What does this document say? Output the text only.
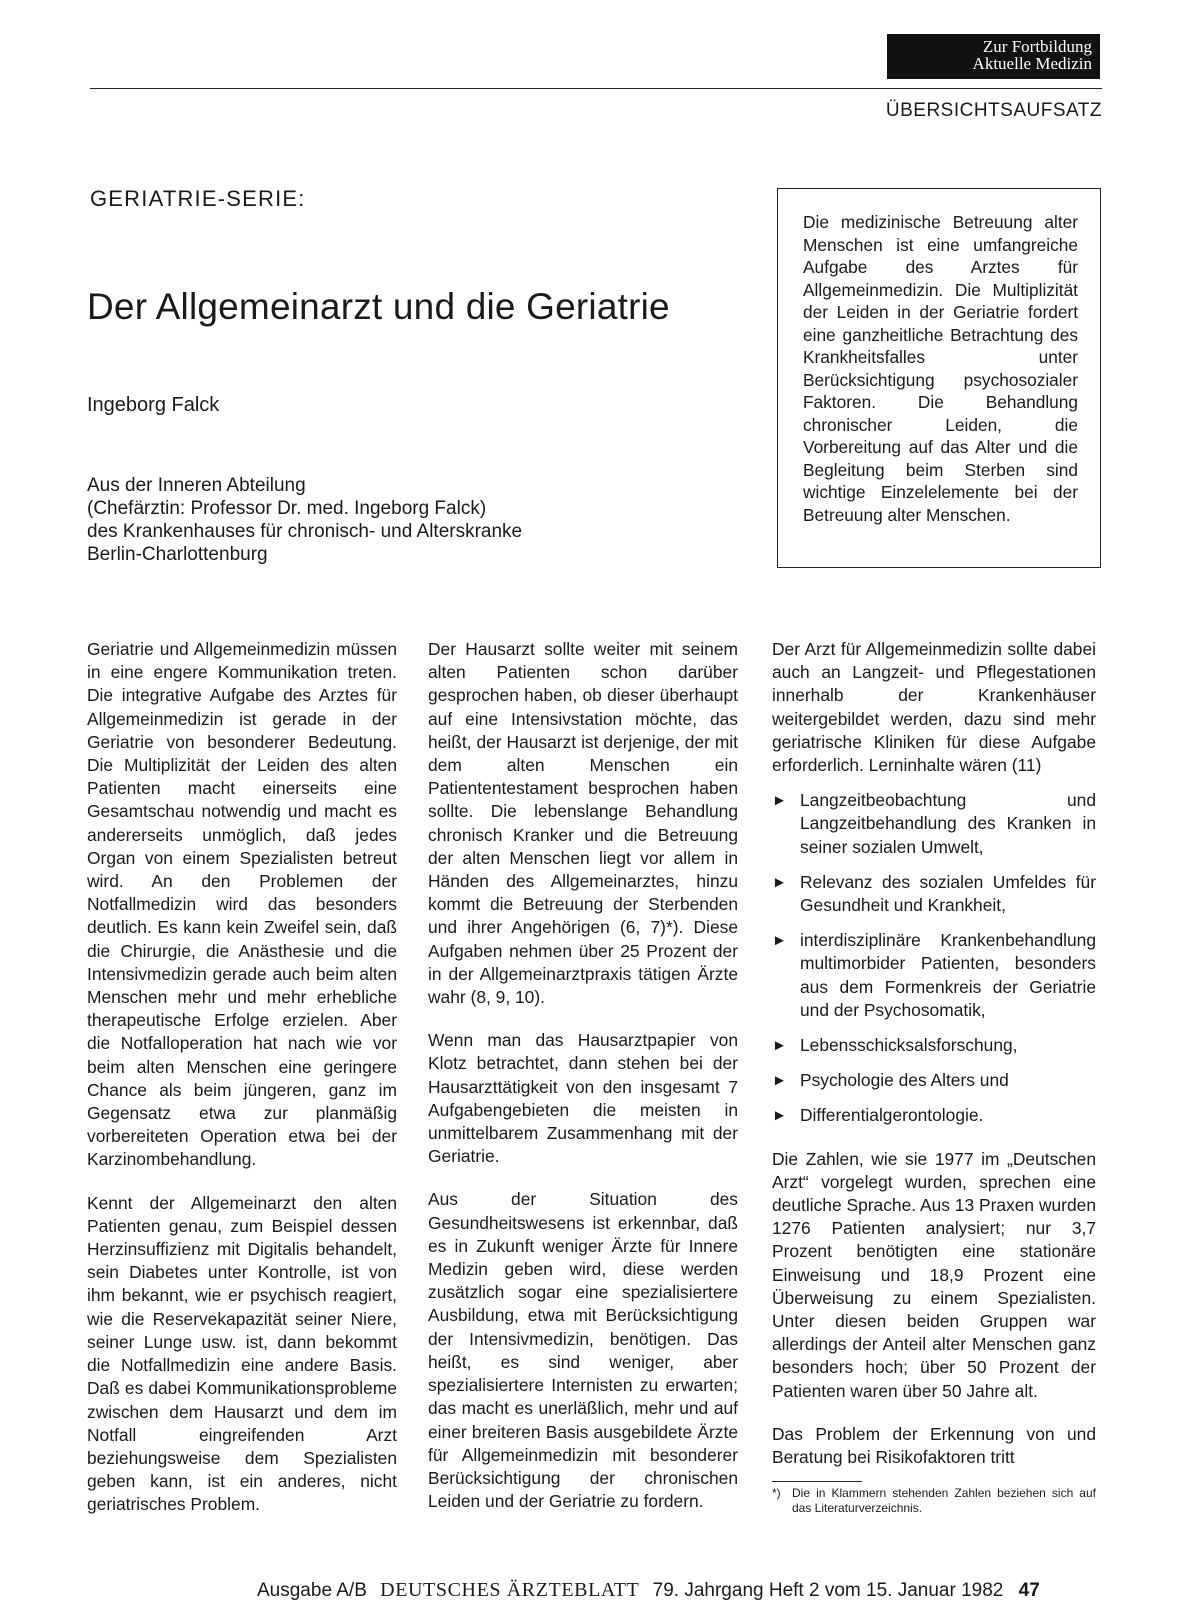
Zur Fortbildung
Aktuelle Medizin
ÜBERSICHTSAUFSATZ
GERIATRIE-SERIE:
Der Allgemeinarzt und die Geriatrie
Ingeborg Falck
Aus der Inneren Abteilung
(Chefärztin: Professor Dr. med. Ingeborg Falck)
des Krankenhauses für chronisch- und Alterskranke
Berlin-Charlottenburg
Die medizinische Betreuung alter Menschen ist eine umfangreiche Aufgabe des Arztes für Allgemeinmedizin. Die Multiplizität der Leiden in der Geriatrie fordert eine ganzheitliche Betrachtung des Krankheitsfalles unter Berücksichtigung psychosozialer Faktoren. Die Behandlung chronischer Leiden, die Vorbereitung auf das Alter und die Begleitung beim Sterben sind wichtige Einzelelemente bei der Betreuung alter Menschen.

Geriatrie und Allgemeinmedizin müssen in eine engere Kommunikation treten. Die integrative Aufgabe des Arztes für Allgemeinmedizin ist gerade in der Geriatrie von besonderer Bedeutung. Die Multiplizität der Leiden des alten Patienten macht einerseits eine Gesamtschau notwendig und macht es andererseits unmöglich, daß jedes Organ von einem Spezialisten betreut wird. An den Problemen der Notfallmedizin wird das besonders deutlich. Es kann kein Zweifel sein, daß die Chirurgie, die Anästhesie und die Intensivmedizin gerade auch beim alten Menschen mehr und mehr erhebliche therapeutische Erfolge erzielen. Aber die Notfalloperation hat nach wie vor beim alten Menschen eine geringere Chance als beim jüngeren, ganz im Gegensatz etwa zur planmäßig vorbereiteten Operation etwa bei der Karzinombehandlung.

Kennt der Allgemeinarzt den alten Patienten genau, zum Beispiel dessen Herzinsuffizienz mit Digitalis behandelt, sein Diabetes unter Kontrolle, ist von ihm bekannt, wie er psychisch reagiert, wie die Reservekapazität seiner Niere, seiner Lunge usw. ist, dann bekommt die Notfallmedizin eine andere Basis. Daß es dabei Kommunikationsprobleme zwischen dem Hausarzt und dem im Notfall eingreifenden Arzt beziehungsweise dem Spezialisten geben kann, ist ein anderes, nicht geriatrisches Problem.

Der Hausarzt sollte weiter mit seinem alten Patienten schon darüber gesprochen haben, ob dieser überhaupt auf eine Intensivstation möchte, das heißt, der Hausarzt ist derjenige, der mit dem alten Menschen ein Patiententestament besprochen haben sollte. Die lebenslange Behandlung chronisch Kranker und die Betreuung der alten Menschen liegt vor allem in Händen des Allgemeinarztes, hinzu kommt die Betreuung der Sterbenden und ihrer Angehörigen (6, 7)*). Diese Aufgaben nehmen über 25 Prozent der in der Allgemeinarztpraxis tätigen Ärzte wahr (8, 9, 10).

Wenn man das Hausarztpapier von Klotz betrachtet, dann stehen bei der Hausarzttätigkeit von den insgesamt 7 Aufgabengebieten die meisten in unmittelbarem Zusammenhang mit der Geriatrie.

Aus der Situation des Gesundheitswesens ist erkennbar, daß es in Zukunft weniger Ärzte für Innere Medizin geben wird, diese werden zusätzlich sogar eine spezialisiertere Ausbildung, etwa mit Berücksichtigung der Intensivmedizin, benötigen. Das heißt, es sind weniger, aber spezialisiertere Internisten zu erwarten; das macht es unerläßlich, mehr und auf einer breiteren Basis ausgebildete Ärzte für Allgemeinmedizin mit besonderer Berücksichtigung der chronischen Leiden und der Geriatrie zu fordern.

Der Arzt für Allgemeinmedizin sollte dabei auch an Langzeit- und Pflegestationen innerhalb der Krankenhäuser weitergebildet werden, dazu sind mehr geriatrische Kliniken für diese Aufgabe erforderlich. Lerninhalte wären (11)

► Langzeitbeobachtung und Langzeitbehandlung des Kranken in seiner sozialen Umwelt,
► Relevanz des sozialen Umfeldes für Gesundheit und Krankheit,
► interdisziplinäre Krankenbehandlung multimorbider Patienten, besonders aus dem Formenkreis der Geriatrie und der Psychosomatik,
► Lebensschicksalsforschung,
► Psychologie des Alters und
► Differentialgerontologie.

Die Zahlen, wie sie 1977 im „Deutschen Arzt“ vorgelegt wurden, sprechen eine deutliche Sprache. Aus 13 Praxen wurden 1276 Patienten analysiert; nur 3,7 Prozent benötigten eine stationäre Einweisung und 18,9 Prozent eine Überweisung zu einem Spezialisten. Unter diesen beiden Gruppen war allerdings der Anteil alter Menschen ganz besonders hoch; über 50 Prozent der Patienten waren über 50 Jahre alt.

Das Problem der Erkennung von und Beratung bei Risikofaktoren tritt

*) Die in Klammern stehenden Zahlen beziehen sich auf das Literaturverzeichnis.
Ausgabe A/B DEUTSCHES ÄRZTEBLATT 79. Jahrgang Heft 2 vom 15. Januar 1982 47
